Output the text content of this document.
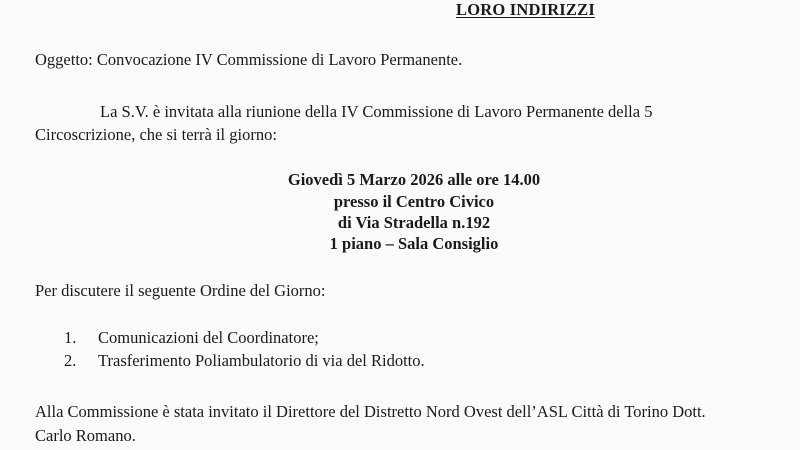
LORO INDIRIZZI
Oggetto: Convocazione IV Commissione di Lavoro Permanente.
La S.V. è invitata alla riunione della IV Commissione di Lavoro Permanente della 5
Circoscrizione, che si terrà il giorno:
Giovedì 5 Marzo 2026 alle ore 14.00
presso il Centro Civico
di Via Stradella n.192
1 piano – Sala Consiglio
Per discutere il seguente Ordine del Giorno:
1. Comunicazioni del Coordinatore;
2. Trasferimento Poliambulatorio di via del Ridotto.
Alla Commissione è stata invitato il Direttore del Distretto Nord Ovest dell’ASL Città di Torino Dott.
Carlo Romano.
